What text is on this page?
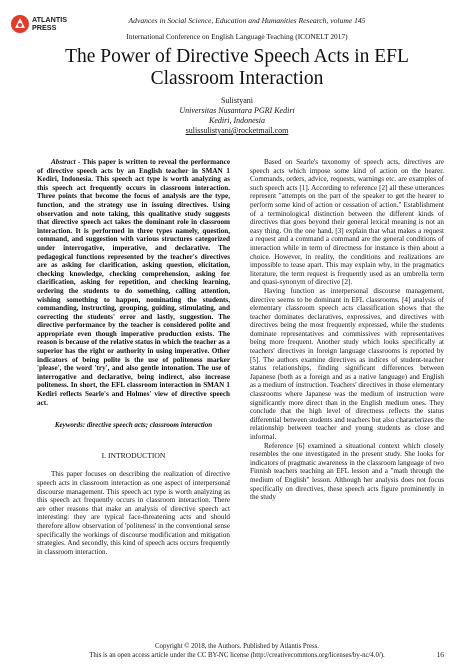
ATLANTIS
PRESS
Advances in Social Science, Education and Humanities Research, volume 145
International Conference on English Language Teaching (ICONELT 2017)
The Power of Directive Speech Acts in EFL
Classroom Interaction
Sulistyani
Universitas Nusantara PGRI Kediri
Kediri, Indonesia
sulissulistyani@rocketmail.com

Abstract - This paper is written to reveal the performance of directive speech acts by an English teacher in SMAN 1 Kediri, Indonesia. This speech act type is worth analyzing as this speech act frequently occurs in classroom interaction. Three points that become the focus of analysis are the type, function, and the strategy use in issuing directives. Using observation and note taking, this qualitative study suggests that directive speech act takes the dominant role in classroom interaction. It is performed in three types namely, question, command, and suggestion with various structures categorized under interrogative, imperative, and declarative. The pedagogical functions represented by the teacher's directives are as asking for clarification, asking question, elicitation, checking knowledge, checking comprehension, asking for clarification, asking for repetition, and checking learning, ordering the students to do something, calling attention, wishing something to happen, nominating the students, commanding, instructing, grouping, guiding, stimulating, and correcting the students' error and lastly, suggestion. The directive performance by the teacher is considered polite and appropriate even though imperative production exists. The reason is because of the relative status in which the teacher as a superior has the right or authority in using imperative. Other indicators of being polite is the use of politeness marker 'please', the word 'try', and also gentle intonation. The use of interrogative and declarative, being indirect, also increase politeness. In short, the EFL classroom interaction in SMAN 1 Kediri reflects Searle's and Holmes' view of directive speech act.

Keywords: directive speech acts; classroom interaction
I. INTRODUCTION

This paper focuses on describing the realization of directive speech acts in classroom interaction as one aspect of interpersonal discourse management. This speech act type is worth analyzing as this speech act frequently occurs in classroom interaction. There are other reasons that make an analysis of directive speech act interesting: they are typical face-threatening acts and should therefore allow observation of 'politeness' in the conventional sense specifically the workings of discourse modification and mitigation strategies. And secondly, this kind of speech acts occurs frequently in classroom interaction.

Based on Searle's taxonomy of speech acts, directives are speech acts which impose some kind of action on the hearer. Commands, orders, advice, requests, warnings etc. are examples of such speech acts [1]. According to reference [2] all these utterances represent "attempts on the part of the speaker to get the hearer to perform some kind of action or cessation of action." Establishment of a terminological distinction between the different kinds of directives that goes beyond their general lexical meaning is not an easy thing. On the one hand, [3] explain that what makes a request a request and a command a command are the general conditions of interaction while in term of directness for instance is then about a choice. However, in reality, the conditions and realizations are impossible to tease apart. This may explain why, in the pragmatics literature, the term request is frequently used as an umbrella term and quasi-synonym of directive [2].

Having function as interpersonal discourse management, directive seems to be dominant in EFL classrooms. [4] analysis of elementary classroom speech acts classification shows that the teacher dominates declaratives, expressives, and directives with directives being the most frequently expressed, while the students dominate representatives and commissives with representatives being more frequent. Another study which looks specifically at teachers' directives in foreign language classrooms is reported by [5]. The authors examine directives as indices of student-teacher status relationships, finding significant differences between Japanese (both as a foreign and as a native language) and English as a medium of instruction. Teachers' directives in those elementary classrooms where Japanese was the medium of instruction were significantly more direct than in the English medium ones. They conclude that the high level of directness reflects the status differential between students and teachers but also characterizes the relationship between teacher and young students as close and informal.

Reference [6] examined a situational context which closely resembles the one investigated in the present study. She looks for indicators of pragmatic awareness in the classroom language of two Finnish teachers teaching an EFL lesson and a "math through the medium of English" lesson. Although her analysis does not focus specifically on directives, these speech acts figure prominently in the study

Copyright © 2018, the Authors. Published by Atlantis Press.
This is an open access article under the CC BY-NC license (http://creativecommons.org/licenses/by-nc/4.0/).	16
